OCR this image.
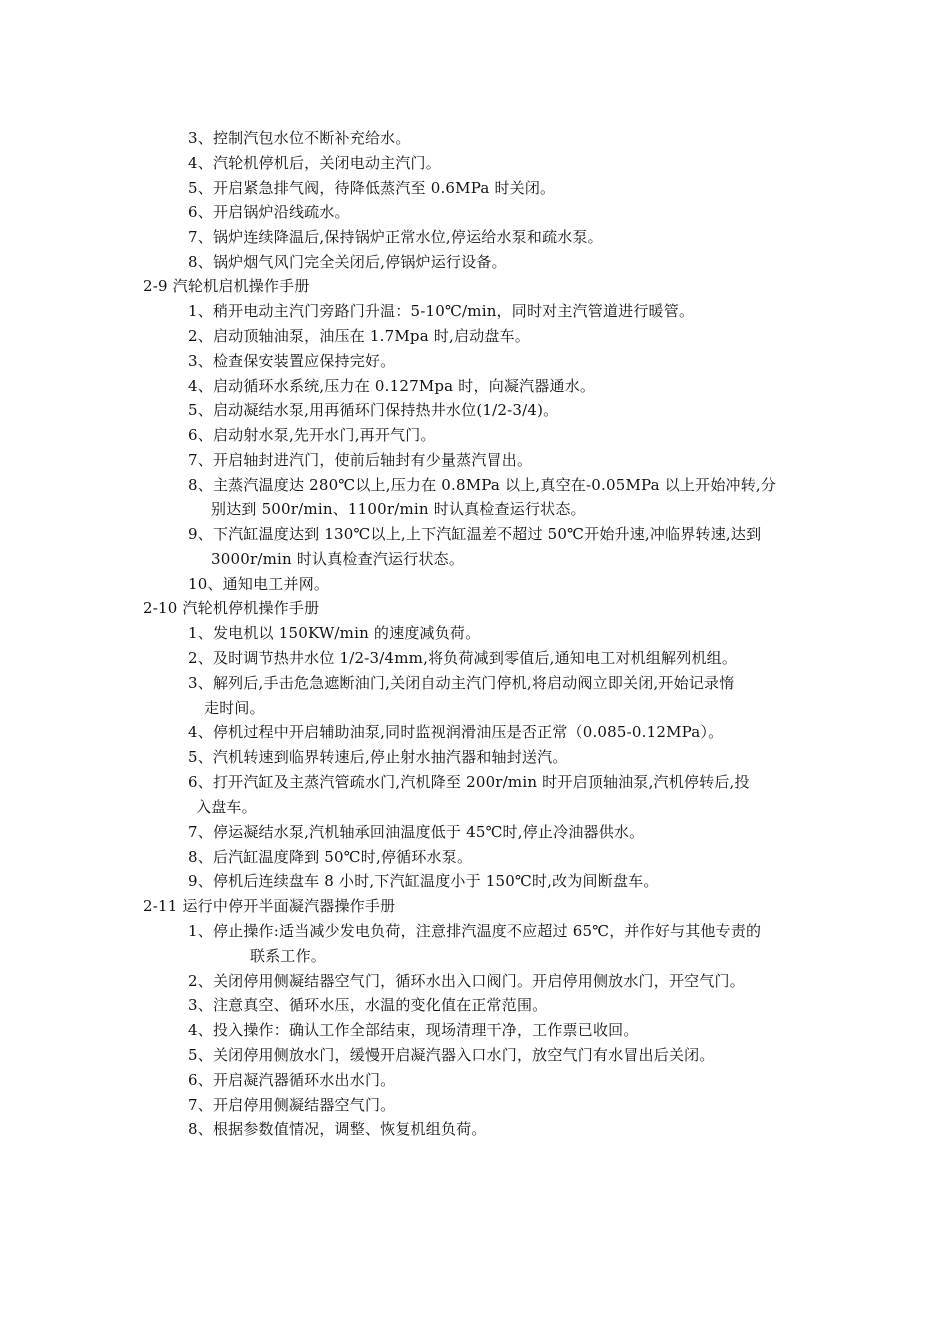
3、控制汽包水位不断补充给水。
4、汽轮机停机后，关闭电动主汽门。
5、开启紧急排气阀，待降低蒸汽至 0.6MPa 时关闭。
6、开启锅炉沿线疏水。
7、锅炉连续降温后,保持锅炉正常水位,停运给水泵和疏水泵。
8、锅炉烟气风门完全关闭后,停锅炉运行设备。
2-9 汽轮机启机操作手册
1、稍开电动主汽门旁路门升温：5-10℃/min，同时对主汽管道进行暖管。
2、启动顶轴油泵，油压在 1.7Mpa 时,启动盘车。
3、检查保安装置应保持完好。
4、启动循环水系统,压力在 0.127Mpa 时，向凝汽器通水。
5、启动凝结水泵,用再循环门保持热井水位(1/2-3/4)。
6、启动射水泵,先开水门,再开气门。
7、开启轴封进汽门，使前后轴封有少量蒸汽冒出。
8、主蒸汽温度达 280℃以上,压力在 0.8MPa 以上,真空在-0.05MPa 以上开始冲转,分
别达到 500r/min、1100r/min 时认真检查运行状态。
9、下汽缸温度达到 130℃以上,上下汽缸温差不超过 50℃开始升速,冲临界转速,达到
3000r/min 时认真检查汽运行状态。
10、通知电工并网。
2-10 汽轮机停机操作手册
1、发电机以 150KW/min 的速度减负荷。
2、及时调节热井水位 1/2-3/4mm,将负荷减到零值后,通知电工对机组解列机组。
3、解列后,手击危急遮断油门,关闭自动主汽门停机,将启动阀立即关闭,开始记录惰
走时间。
4、停机过程中开启辅助油泵,同时监视润滑油压是否正常（0.085-0.12MPa）。
5、汽机转速到临界转速后,停止射水抽汽器和轴封送汽。
6、打开汽缸及主蒸汽管疏水门,汽机降至 200r/min 时开启顶轴油泵,汽机停转后,投
入盘车。
7、停运凝结水泵,汽机轴承回油温度低于 45℃时,停止冷油器供水。
8、后汽缸温度降到 50℃时,停循环水泵。
9、停机后连续盘车 8 小时,下汽缸温度小于 150℃时,改为间断盘车。
2-11 运行中停开半面凝汽器操作手册
1、停止操作:适当减少发电负荷，注意排汽温度不应超过 65℃，并作好与其他专责的
联系工作。
2、关闭停用侧凝结器空气门，循环水出入口阀门。开启停用侧放水门，开空气门。
3、注意真空、循环水压，水温的变化值在正常范围。
4、投入操作：确认工作全部结束，现场清理干净，工作票已收回。
5、关闭停用侧放水门，缓慢开启凝汽器入口水门，放空气门有水冒出后关闭。
6、开启凝汽器循环水出水门。
7、开启停用侧凝结器空气门。
8、根据参数值情况，调整、恢复机组负荷。
